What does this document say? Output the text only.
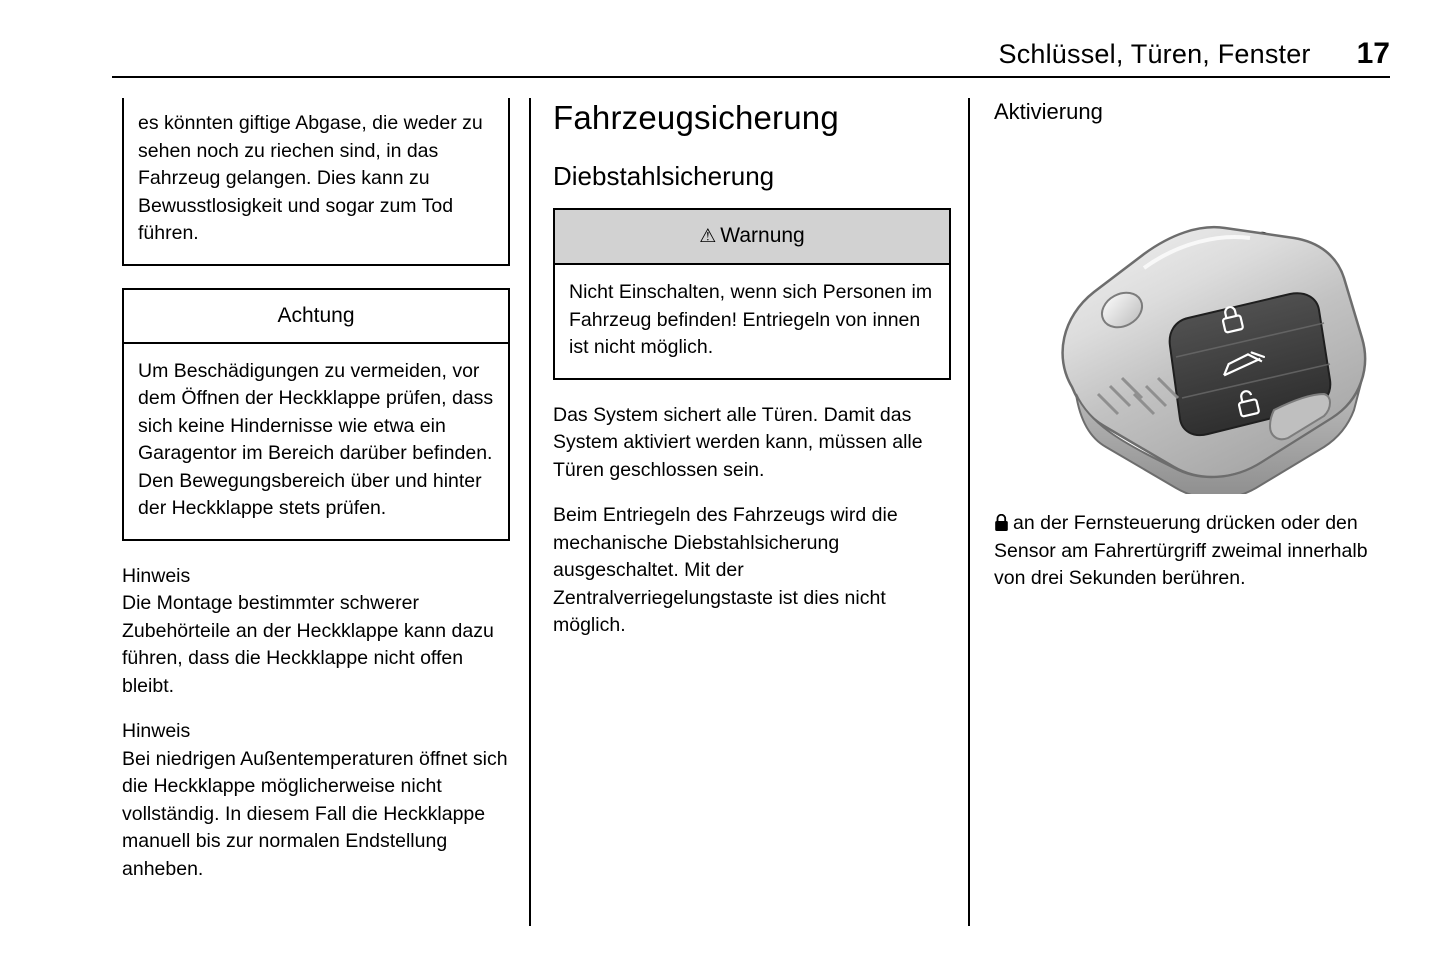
Schlüssel, Türen, Fenster 17
es könnten giftige Abgase, die weder zu sehen noch zu riechen sind, in das Fahrzeug gelangen. Dies kann zu Bewusstlosigkeit und sogar zum Tod führen.
Achtung
Um Beschädigungen zu vermeiden, vor dem Öffnen der Heckklappe prüfen, dass sich keine Hindernisse wie etwa ein Garagentor im Bereich darüber befinden. Den Bewegungsbereich über und hinter der Heckklappe stets prüfen.

Hinweis

Die Montage bestimmter schwerer Zubehörteile an der Heckklappe kann dazu führen, dass die Heckklappe nicht offen bleibt.

Hinweis

Bei niedrigen Außentemperaturen öffnet sich die Heckklappe möglicherweise nicht vollständig. In diesem Fall die Heckklappe manuell bis zur normalen Endstellung anheben.

Fahrzeugsicherung
Diebstahlsicherung
⚠ Warnung
Nicht Einschalten, wenn sich Personen im Fahrzeug befinden! Entriegeln von innen ist nicht möglich.

Das System sichert alle Türen. Damit das System aktiviert werden kann, müssen alle Türen geschlossen sein.

Beim Entriegeln des Fahrzeugs wird die mechanische Diebstahlsicherung ausgeschaltet. Mit der Zentralverriegelungstaste ist dies nicht möglich.

Aktivierung

an der Fernsteuerung drücken oder den Sensor am Fahrertürgriff zweimal innerhalb von drei Sekunden berühren.
